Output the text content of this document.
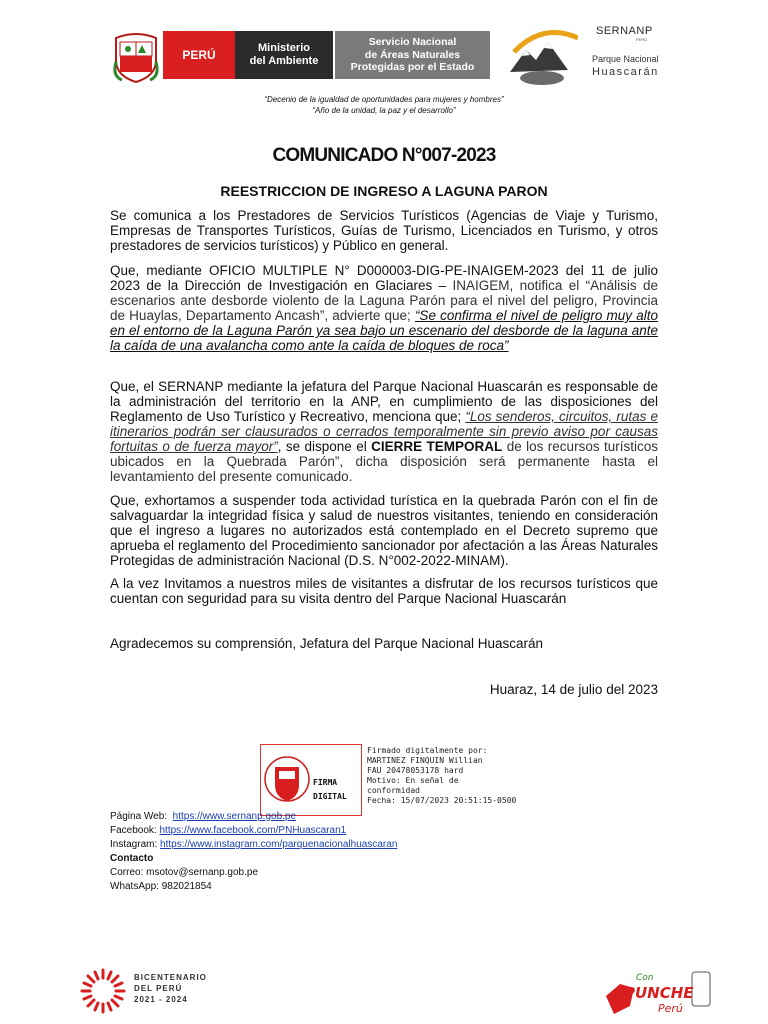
PERÚ	Ministerio
del Ambiente
Servicio Nacional
de Áreas Naturales
Protegidas por el Estado
SERNANP
PERÚ
Parque Nacional
Huascarán
“Decenio de la igualdad de oportunidades para mujeres y hombres”
“Año de la unidad, la paz y el desarrollo”
COMUNICADO N°007-2023
REESTRICCION DE INGRESO A LAGUNA PARON

Se comunica a los Prestadores de Servicios Turísticos (Agencias de Viaje y Turismo, Empresas de Transportes Turísticos, Guías de Turismo, Licenciados en Turismo, y otros prestadores de servicios turísticos) y Público en general.

Que, mediante OFICIO MULTIPLE N° D000003-DIG-PE-INAIGEM-2023 del 11 de julio 2023 de la Dirección de Investigación en Glaciares – INAIGEM, notifica el “Análisis de escenarios ante desborde violento de la Laguna Parón para el nivel del peligro, Provincia de Huaylas, Departamento Ancash”, advierte que; “Se confirma el nivel de peligro muy alto en el entorno de la Laguna Parón ya sea bajo un escenario del desborde de la laguna ante la caída de una avalancha como ante la caída de bloques de roca”

Que, el SERNANP mediante la jefatura del Parque Nacional Huascarán es responsable de la administración del territorio en la ANP, en cumplimiento de las disposiciones del Reglamento de Uso Turístico y Recreativo, menciona que; “Los senderos, circuitos, rutas e itinerarios podrán ser clausurados o cerrados temporalmente sin previo aviso por causas fortuitas o de fuerza mayor”, se dispone el CIERRE TEMPORAL de los recursos turísticos ubicados en la Quebrada Parón”, dicha disposición será permanente hasta el levantamiento del presente comunicado.

Que, exhortamos a suspender toda actividad turística en la quebrada Parón con el fin de salvaguardar la integridad física y salud de nuestros visitantes, teniendo en consideración que el ingreso a lugares no autorizados está contemplado en el Decreto supremo que aprueba el reglamento del Procedimiento sancionador por afectación a las Áreas Naturales Protegidas de administración Nacional (D.S. N°002-2022-MINAM).

A la vez Invitamos a nuestros miles de visitantes a disfrutar de los recursos turísticos que cuentan con seguridad para su visita dentro del Parque Nacional Huascarán

Agradecemos su comprensión, Jefatura del Parque Nacional Huascarán
Huaraz, 14 de julio del 2023
FIRMA
DIGITAL
Firmado digitalmente por:
MARTINEZ FINQUIN Willian
FAU 20478053178 hard
Motivo: En señal de
conformidad
Fecha: 15/07/2023 20:51:15-0500
Página Web: https://www.sernanp.gob.pe
Facebook: https://www.facebook.com/PNHuascaran1
Instagram: https://www.instagram.com/parquenacionalhuascaran
Contacto
Correo: msotov@sernanp.gob.pe
WhatsApp: 982021854
BICENTENARIO
DEL PERÚ
2021 - 2024
Con
PUNCHE
Perú
